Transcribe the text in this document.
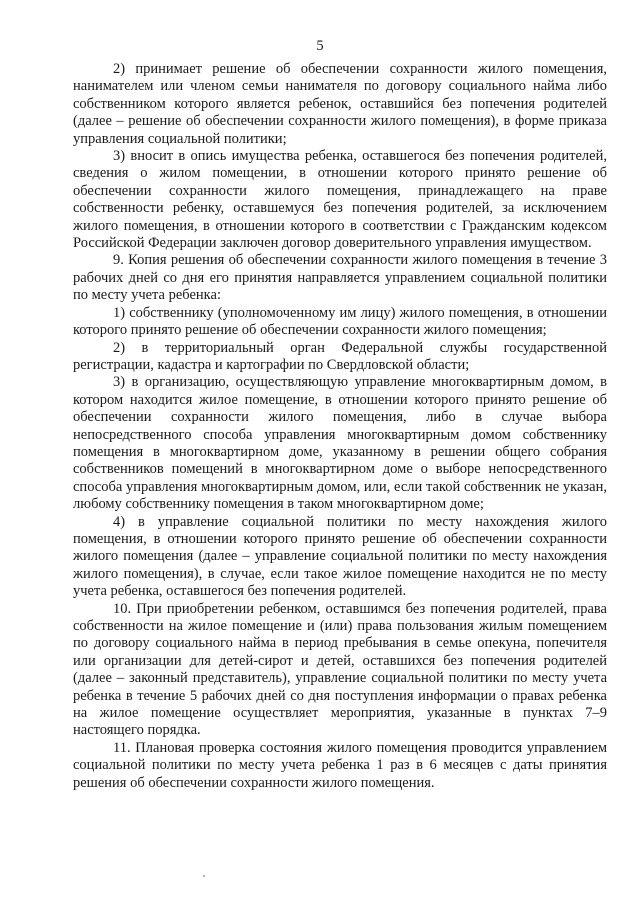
5

2) принимает решение об обеспечении сохранности жилого помещения, нанимателем или членом семьи нанимателя по договору социального найма либо собственником которого является ребенок, оставшийся без попечения родителей (далее – решение об обеспечении сохранности жилого помещения), в форме приказа управления социальной политики;

3) вносит в опись имущества ребенка, оставшегося без попечения родителей, сведения о жилом помещении, в отношении которого принято решение об обеспечении сохранности жилого помещения, принадлежащего на праве собственности ребенку, оставшемуся без попечения родителей, за исключением жилого помещения, в отношении которого в соответствии с Гражданским кодексом Российской Федерации заключен договор доверительного управления имуществом.

9. Копия решения об обеспечении сохранности жилого помещения в течение 3 рабочих дней со дня его принятия направляется управлением социальной политики по месту учета ребенка:

1) собственнику (уполномоченному им лицу) жилого помещения, в отношении которого принято решение об обеспечении сохранности жилого помещения;

2) в территориальный орган Федеральной службы государственной регистрации, кадастра и картографии по Свердловской области;

3) в организацию, осуществляющую управление многоквартирным домом, в котором находится жилое помещение, в отношении которого принято решение об обеспечении сохранности жилого помещения, либо в случае выбора непосредственного способа управления многоквартирным домом собственнику помещения в многоквартирном доме, указанному в решении общего собрания собственников помещений в многоквартирном доме о выборе непосредственного способа управления многоквартирным домом, или, если такой собственник не указан, любому собственнику помещения в таком многоквартирном доме;

4) в управление социальной политики по месту нахождения жилого помещения, в отношении которого принято решение об обеспечении сохранности жилого помещения (далее – управление социальной политики по месту нахождения жилого помещения), в случае, если такое жилое помещение находится не по месту учета ребенка, оставшегося без попечения родителей.

10. При приобретении ребенком, оставшимся без попечения родителей, права собственности на жилое помещение и (или) права пользования жилым помещением по договору социального найма в период пребывания в семье опекуна, попечителя или организации для детей-сирот и детей, оставшихся без попечения родителей (далее – законный представитель), управление социальной политики по месту учета ребенка в течение 5 рабочих дней со дня поступления информации о правах ребенка на жилое помещение осуществляет мероприятия, указанные в пунктах 7–9 настоящего порядка.

11. Плановая проверка состояния жилого помещения проводится управлением социальной политики по месту учета ребенка 1 раз в 6 месяцев с даты принятия решения об обеспечении сохранности жилого помещения.
